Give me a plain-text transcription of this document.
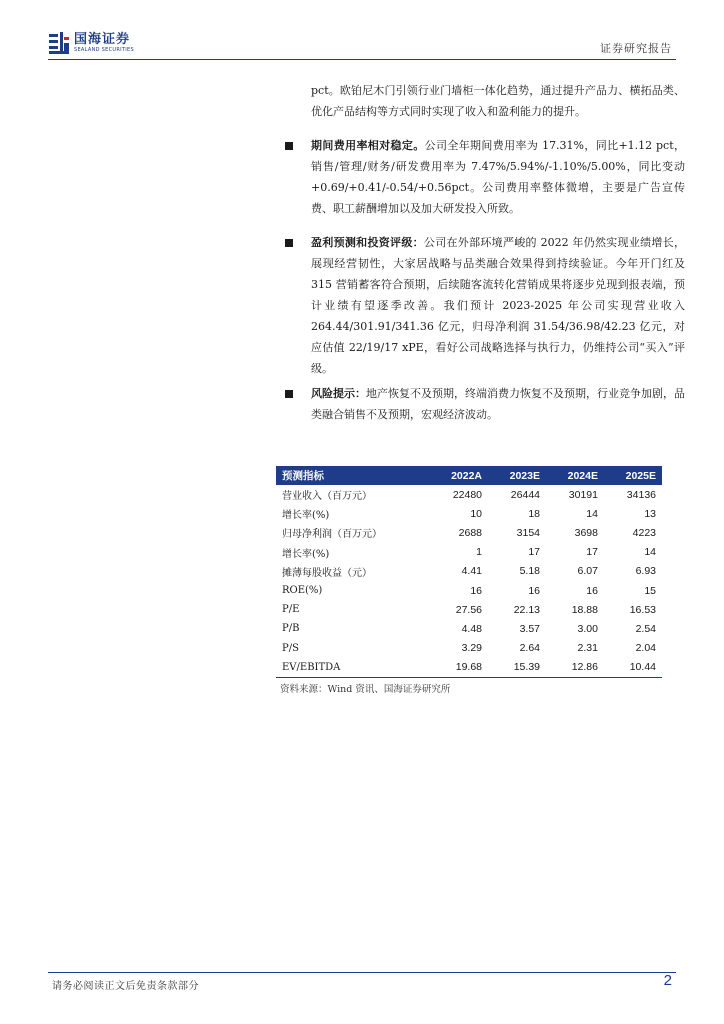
国海证券
SEALAND SECURITIES	证券研究报告
pct。欧铂尼木门引领行业门墙柜一体化趋势，通过提升产品力、横拓品类、优化产品结构等方式同时实现了收入和盈利能力的提升。
期间费用率相对稳定。公司全年期间费用率为 17.31%，同比+1.12 pct，销售/管理/财务/研发费用率为 7.47%/5.94%/-1.10%/5.00%，同比变动+0.69/+0.41/-0.54/+0.56pct。公司费用率整体微增，主要是广告宣传费、职工薪酬增加以及加大研发投入所致。
盈利预测和投资评级：公司在外部环境严峻的 2022 年仍然实现业绩增长，展现经营韧性，大家居战略与品类融合效果得到持续验证。今年开门红及 315 营销蓄客符合预期，后续随客流转化营销成果将逐步兑现到报表端，预计业绩有望逐季改善。我们预计 2023-2025 年公司实现营业收入 264.44/301.91/341.36 亿元，归母净利润 31.54/36.98/42.23 亿元，对应估值 22/19/17 xPE，看好公司战略选择与执行力，仍维持公司“买入”评级。
风险提示：地产恢复不及预期，终端消费力恢复不及预期，行业竞争加剧，品类融合销售不及预期，宏观经济波动。
预测指标	2022A	2023E	2024E	2025E
营业收入（百万元）	22480	26444	30191	34136
增长率(%)	10	18	14	13
归母净利润（百万元）	2688	3154	3698	4223
增长率(%)	1	17	17	14
摊薄每股收益（元）	4.41	5.18	6.07	6.93
ROE(%)	16	16	16	15
P/E	27.56	22.13	18.88	16.53
P/B	4.48	3.57	3.00	2.54
P/S	3.29	2.64	2.31	2.04
EV/EBITDA	19.68	15.39	12.86	10.44
资料来源：Wind 资讯、国海证券研究所
请务必阅读正文后免责条款部分	2
